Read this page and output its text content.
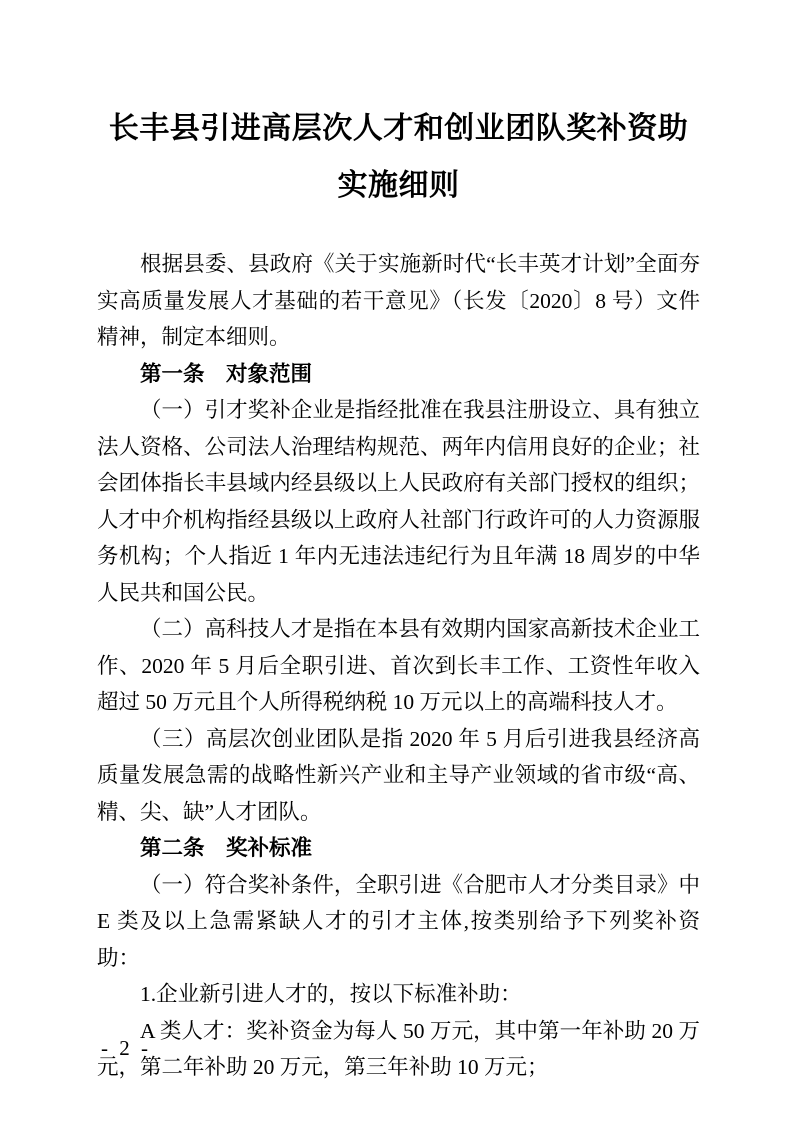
长丰县引进高层次人才和创业团队奖补资助
实施细则

根据县委、县政府《关于实施新时代“长丰英才计划”全面夯实高质量发展人才基础的若干意见》（长发〔2020〕8 号）文件精神，制定本细则。

第一条　对象范围

（一）引才奖补企业是指经批准在我县注册设立、具有独立法人资格、公司法人治理结构规范、两年内信用良好的企业；社会团体指长丰县域内经县级以上人民政府有关部门授权的组织；人才中介机构指经县级以上政府人社部门行政许可的人力资源服务机构；个人指近 1 年内无违法违纪行为且年满 18 周岁的中华人民共和国公民。

（二）高科技人才是指在本县有效期内国家高新技术企业工作、2020 年 5 月后全职引进、首次到长丰工作、工资性年收入超过 50 万元且个人所得税纳税 10 万元以上的高端科技人才。

（三）高层次创业团队是指 2020 年 5 月后引进我县经济高质量发展急需的战略性新兴产业和主导产业领域的省市级“高、精、尖、缺”人才团队。

第二条　奖补标准

（一）符合奖补条件，全职引进《合肥市人才分类目录》中 E 类及以上急需紧缺人才的引才主体,按类别给予下列奖补资助：

1.企业新引进人才的，按以下标准补助：

A 类人才：奖补资金为每人 50 万元，其中第一年补助 20 万元，第二年补助 20 万元，第三年补助 10 万元；

- 2 -
